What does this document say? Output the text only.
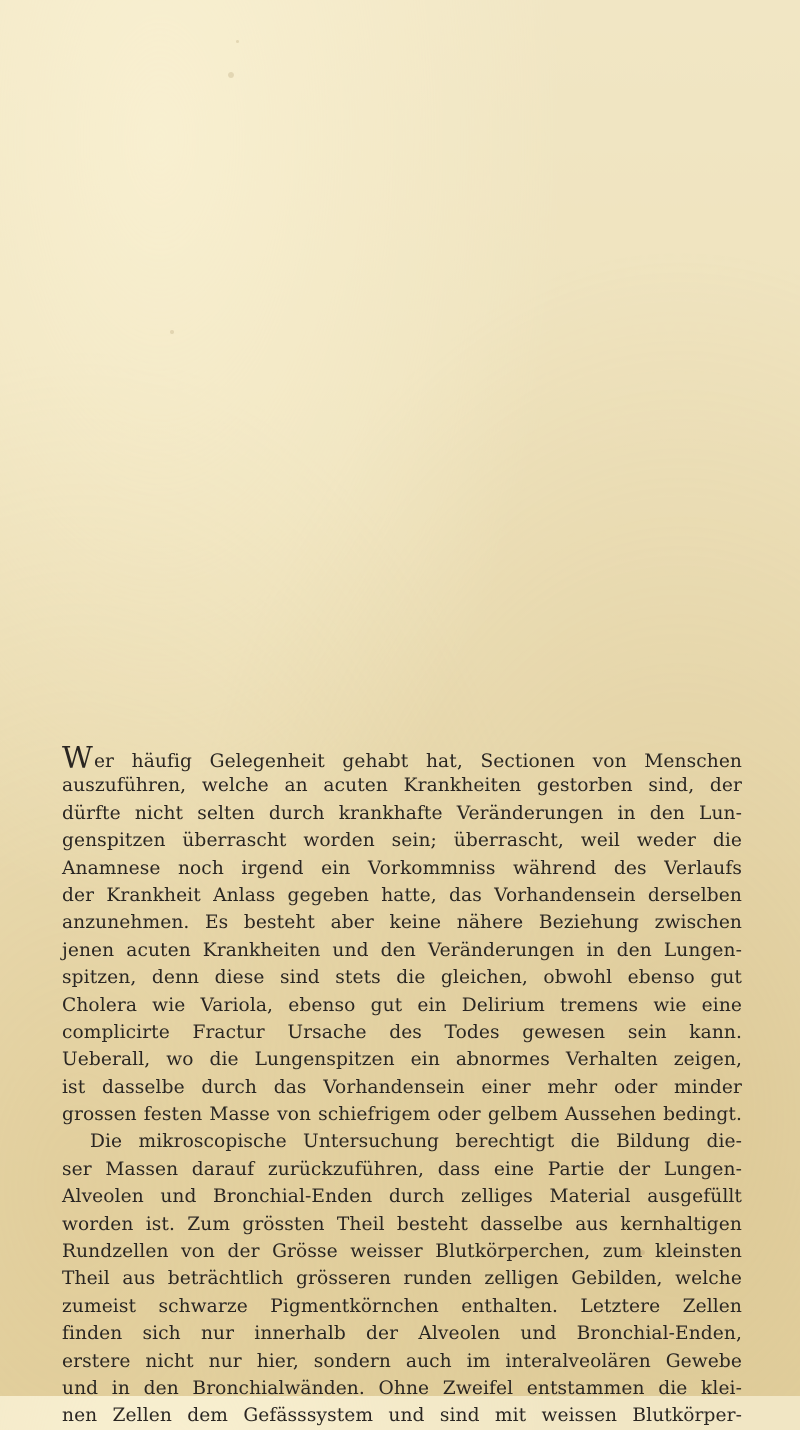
Wer häufig Gelegenheit gehabt hat, Sectionen von Menschen
auszuführen, welche an acuten Krankheiten gestorben sind, der
dürfte nicht selten durch krankhafte Veränderungen in den Lun-
genspitzen überrascht worden sein; überrascht, weil weder die
Anamnese noch irgend ein Vorkommniss während des Verlaufs
der Krankheit Anlass gegeben hatte, das Vorhandensein derselben
anzunehmen. Es besteht aber keine nähere Beziehung zwischen
jenen acuten Krankheiten und den Veränderungen in den Lungen-
spitzen, denn diese sind stets die gleichen, obwohl ebenso gut
Cholera wie Variola, ebenso gut ein Delirium tremens wie eine
complicirte Fractur Ursache des Todes gewesen sein kann.
Ueberall, wo die Lungenspitzen ein abnormes Verhalten zeigen,
ist dasselbe durch das Vorhandensein einer mehr oder minder
grossen festen Masse von schiefrigem oder gelbem Aussehen bedingt.
Die mikroscopische Untersuchung berechtigt die Bildung die-
ser Massen darauf zurückzuführen, dass eine Partie der Lungen-
Alveolen und Bronchial-Enden durch zelliges Material ausgefüllt
worden ist. Zum grössten Theil besteht dasselbe aus kernhaltigen
Rundzellen von der Grösse weisser Blutkörperchen, zum kleinsten
Theil aus beträchtlich grösseren runden zelligen Gebilden, welche
zumeist schwarze Pigmentkörnchen enthalten. Letztere Zellen
finden sich nur innerhalb der Alveolen und Bronchial-Enden,
erstere nicht nur hier, sondern auch im interalveolären Gewebe
und in den Bronchialwänden. Ohne Zweifel entstammen die klei-
nen Zellen dem Gefässsystem und sind mit weissen Blutkörper-
